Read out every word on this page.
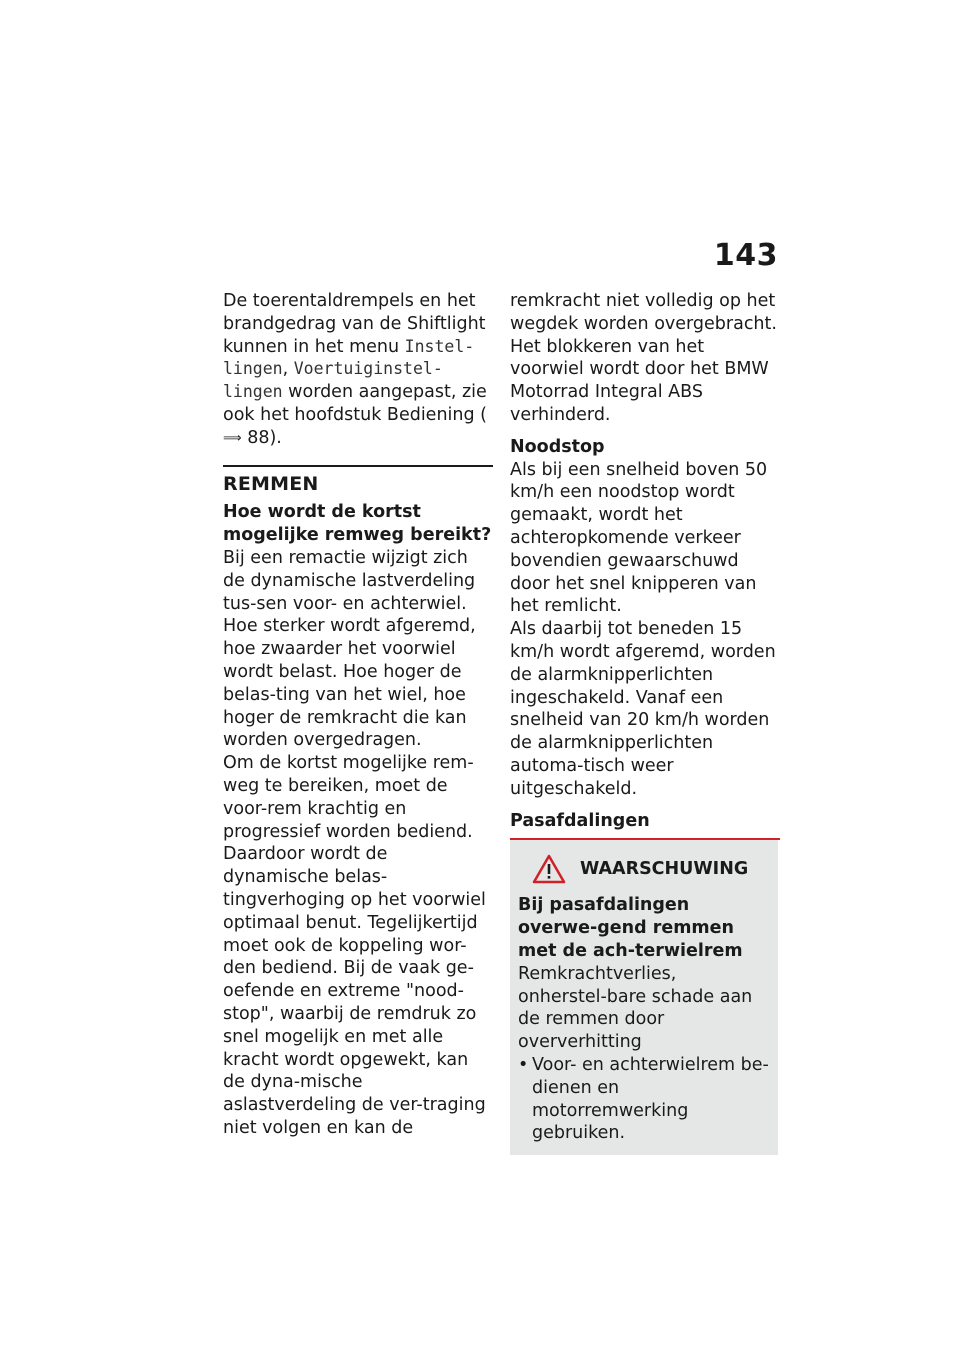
143

De toerentaldrempels en het brandgedrag van de Shiftlight kunnen in het menu Instel-lingen, Voertuiginstel-lingen worden aangepast, zie ook het hoofdstuk Bediening (⟹ 88).

REMMEN

Hoe wordt de kortst mogelijke remweg bereikt?

Bij een remactie wijzigt zich de dynamische lastverdeling tus-sen voor- en achterwiel. Hoe sterker wordt afgeremd, hoe zwaarder het voorwiel wordt belast. Hoe hoger de belas-ting van het wiel, hoe hoger de remkracht die kan worden overgedragen.

Om de kortst mogelijke rem-weg te bereiken, moet de voor-rem krachtig en progressief worden bediend. Daardoor wordt de dynamische belas-tingverhoging op het voorwiel optimaal benut. Tegelijkertijd moet ook de koppeling wor-den bediend. Bij de vaak ge-oefende en extreme "nood-stop", waarbij de remdruk zo snel mogelijk en met alle kracht wordt opgewekt, kan de dyna-mische aslastverdeling de ver-traging niet volgen en kan de

remkracht niet volledig op het wegdek worden overgebracht. Het blokkeren van het voorwiel wordt door het BMW Motorrad Integral ABS verhinderd.

Noodstop

Als bij een snelheid boven 50 km/h een noodstop wordt gemaakt, wordt het achteropkomende verkeer bovendien gewaarschuwd door het snel knipperen van het remlicht.

Als daarbij tot beneden 15 km/h wordt afgeremd, worden de alarmknipperlichten ingeschakeld. Vanaf een snelheid van 20 km/h worden de alarmknipperlichten automa-tisch weer uitgeschakeld.

Pasafdalingen

WAARSCHUWING

Bij pasafdalingen overwe-gend remmen met de ach-terwielrem

Remkrachtverlies, onherstel-bare schade aan de remmen door oververhitting

• Voor- en achterwielrem be-dienen en motorremwerking gebruiken.
